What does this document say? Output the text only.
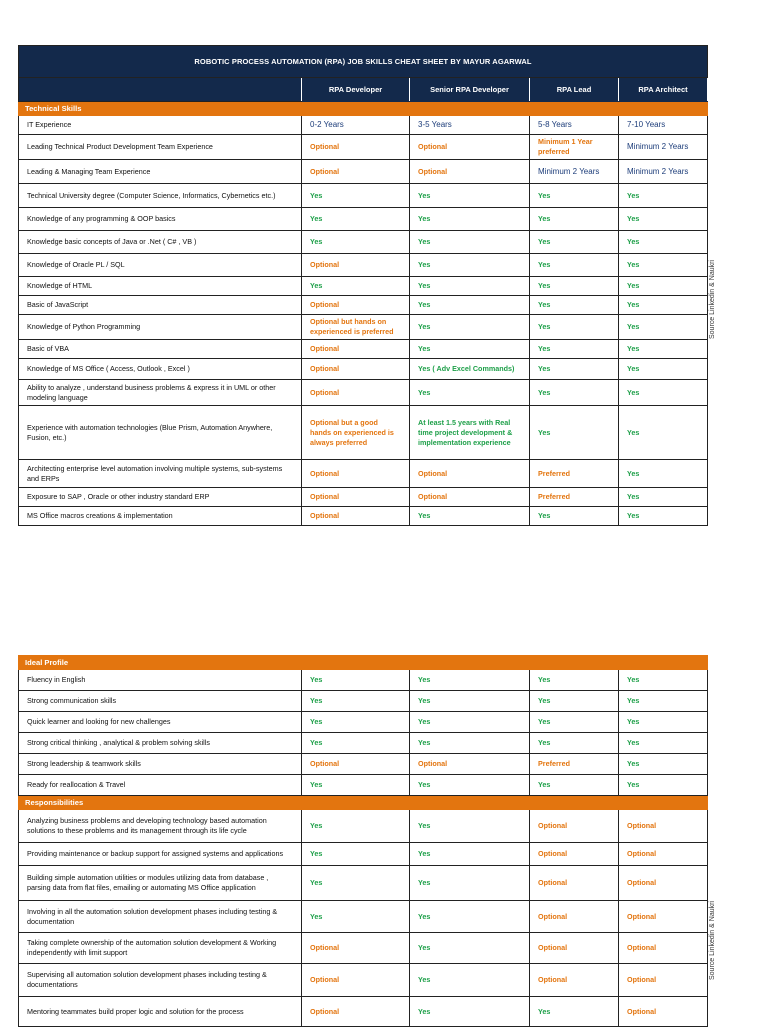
ROBOTIC PROCESS AUTOMATION (RPA) JOB SKILLS CHEAT SHEET BY MAYUR AGARWAL				
	RPA Developer	Senior RPA Developer	RPA Lead	RPA Architect
Technical Skills				
IT Experience	0-2 Years	3-5 Years	5-8 Years	7-10 Years
Leading Technical Product Development Team Experience	Optional	Optional	Minimum 1 Year preferred	Minimum 2 Years
Leading & Managing Team Experience	Optional	Optional	Minimum 2 Years	Minimum 2 Years
Technical University degree (Computer Science, Informatics, Cybernetics etc.)	Yes	Yes	Yes	Yes
Knowledge of any programming & OOP basics	Yes	Yes	Yes	Yes
Knowledge basic concepts of Java or .Net ( C# , VB )	Yes	Yes	Yes	Yes
Knowledge of Oracle PL / SQL	Optional	Yes	Yes	Yes
Knowledge of HTML	Yes	Yes	Yes	Yes
Basic of JavaScript	Optional	Yes	Yes	Yes
Knowledge of Python Programming	Optional but hands on experienced is preferred	Yes	Yes	Yes
Basic of VBA	Optional	Yes	Yes	Yes
Knowledge of MS Office ( Access, Outlook , Excel )	Optional	Yes ( Adv Excel Commands)	Yes	Yes
Ability to analyze , understand business problems & express it in UML or other modeling language	Optional	Yes	Yes	Yes
Experience with automation technologies (Blue Prism, Automation Anywhere, Fusion, etc.)	Optional but a good hands on experienced is always preferred	At least 1.5 years with Real time project development & implementation experience	Yes	Yes
Architecting enterprise level automation involving multiple systems, sub-systems and ERPs	Optional	Optional	Preferred	Yes
Exposure to SAP , Oracle or other industry standard ERP	Optional	Optional	Preferred	Yes
MS Office macros creations & implementation	Optional	Yes	Yes	Yes
Ideal Profile				
Fluency in English	Yes	Yes	Yes	Yes
Strong communication skills	Yes	Yes	Yes	Yes
Quick learner and looking for new challenges	Yes	Yes	Yes	Yes
Strong critical thinking , analytical & problem solving skills	Yes	Yes	Yes	Yes
Strong leadership & teamwork skills	Optional	Optional	Preferred	Yes
Ready for reallocation & Travel	Yes	Yes	Yes	Yes
Responsibilities				
Analyzing business problems and developing technology based automation solutions to these problems and its management through its life cycle	Yes	Yes	Optional	Optional
Providing maintenance or backup support for assigned systems and applications	Yes	Yes	Optional	Optional
Building simple automation utilities or modules utilizing data from database , parsing data from flat files, emailing or automating MS Office application	Yes	Yes	Optional	Optional
Involving in all the automation solution development phases including testing & documentation	Yes	Yes	Optional	Optional
Taking complete ownership of the automation solution development & Working independently with limit support	Optional	Yes	Optional	Optional
Supervising all automation solution development phases including testing & documentations	Optional	Yes	Optional	Optional
Mentoring teammates build proper logic and solution for the process	Optional	Yes	Yes	Optional
Source Linkedin & Naukri
Source Linkedin & Naukri
